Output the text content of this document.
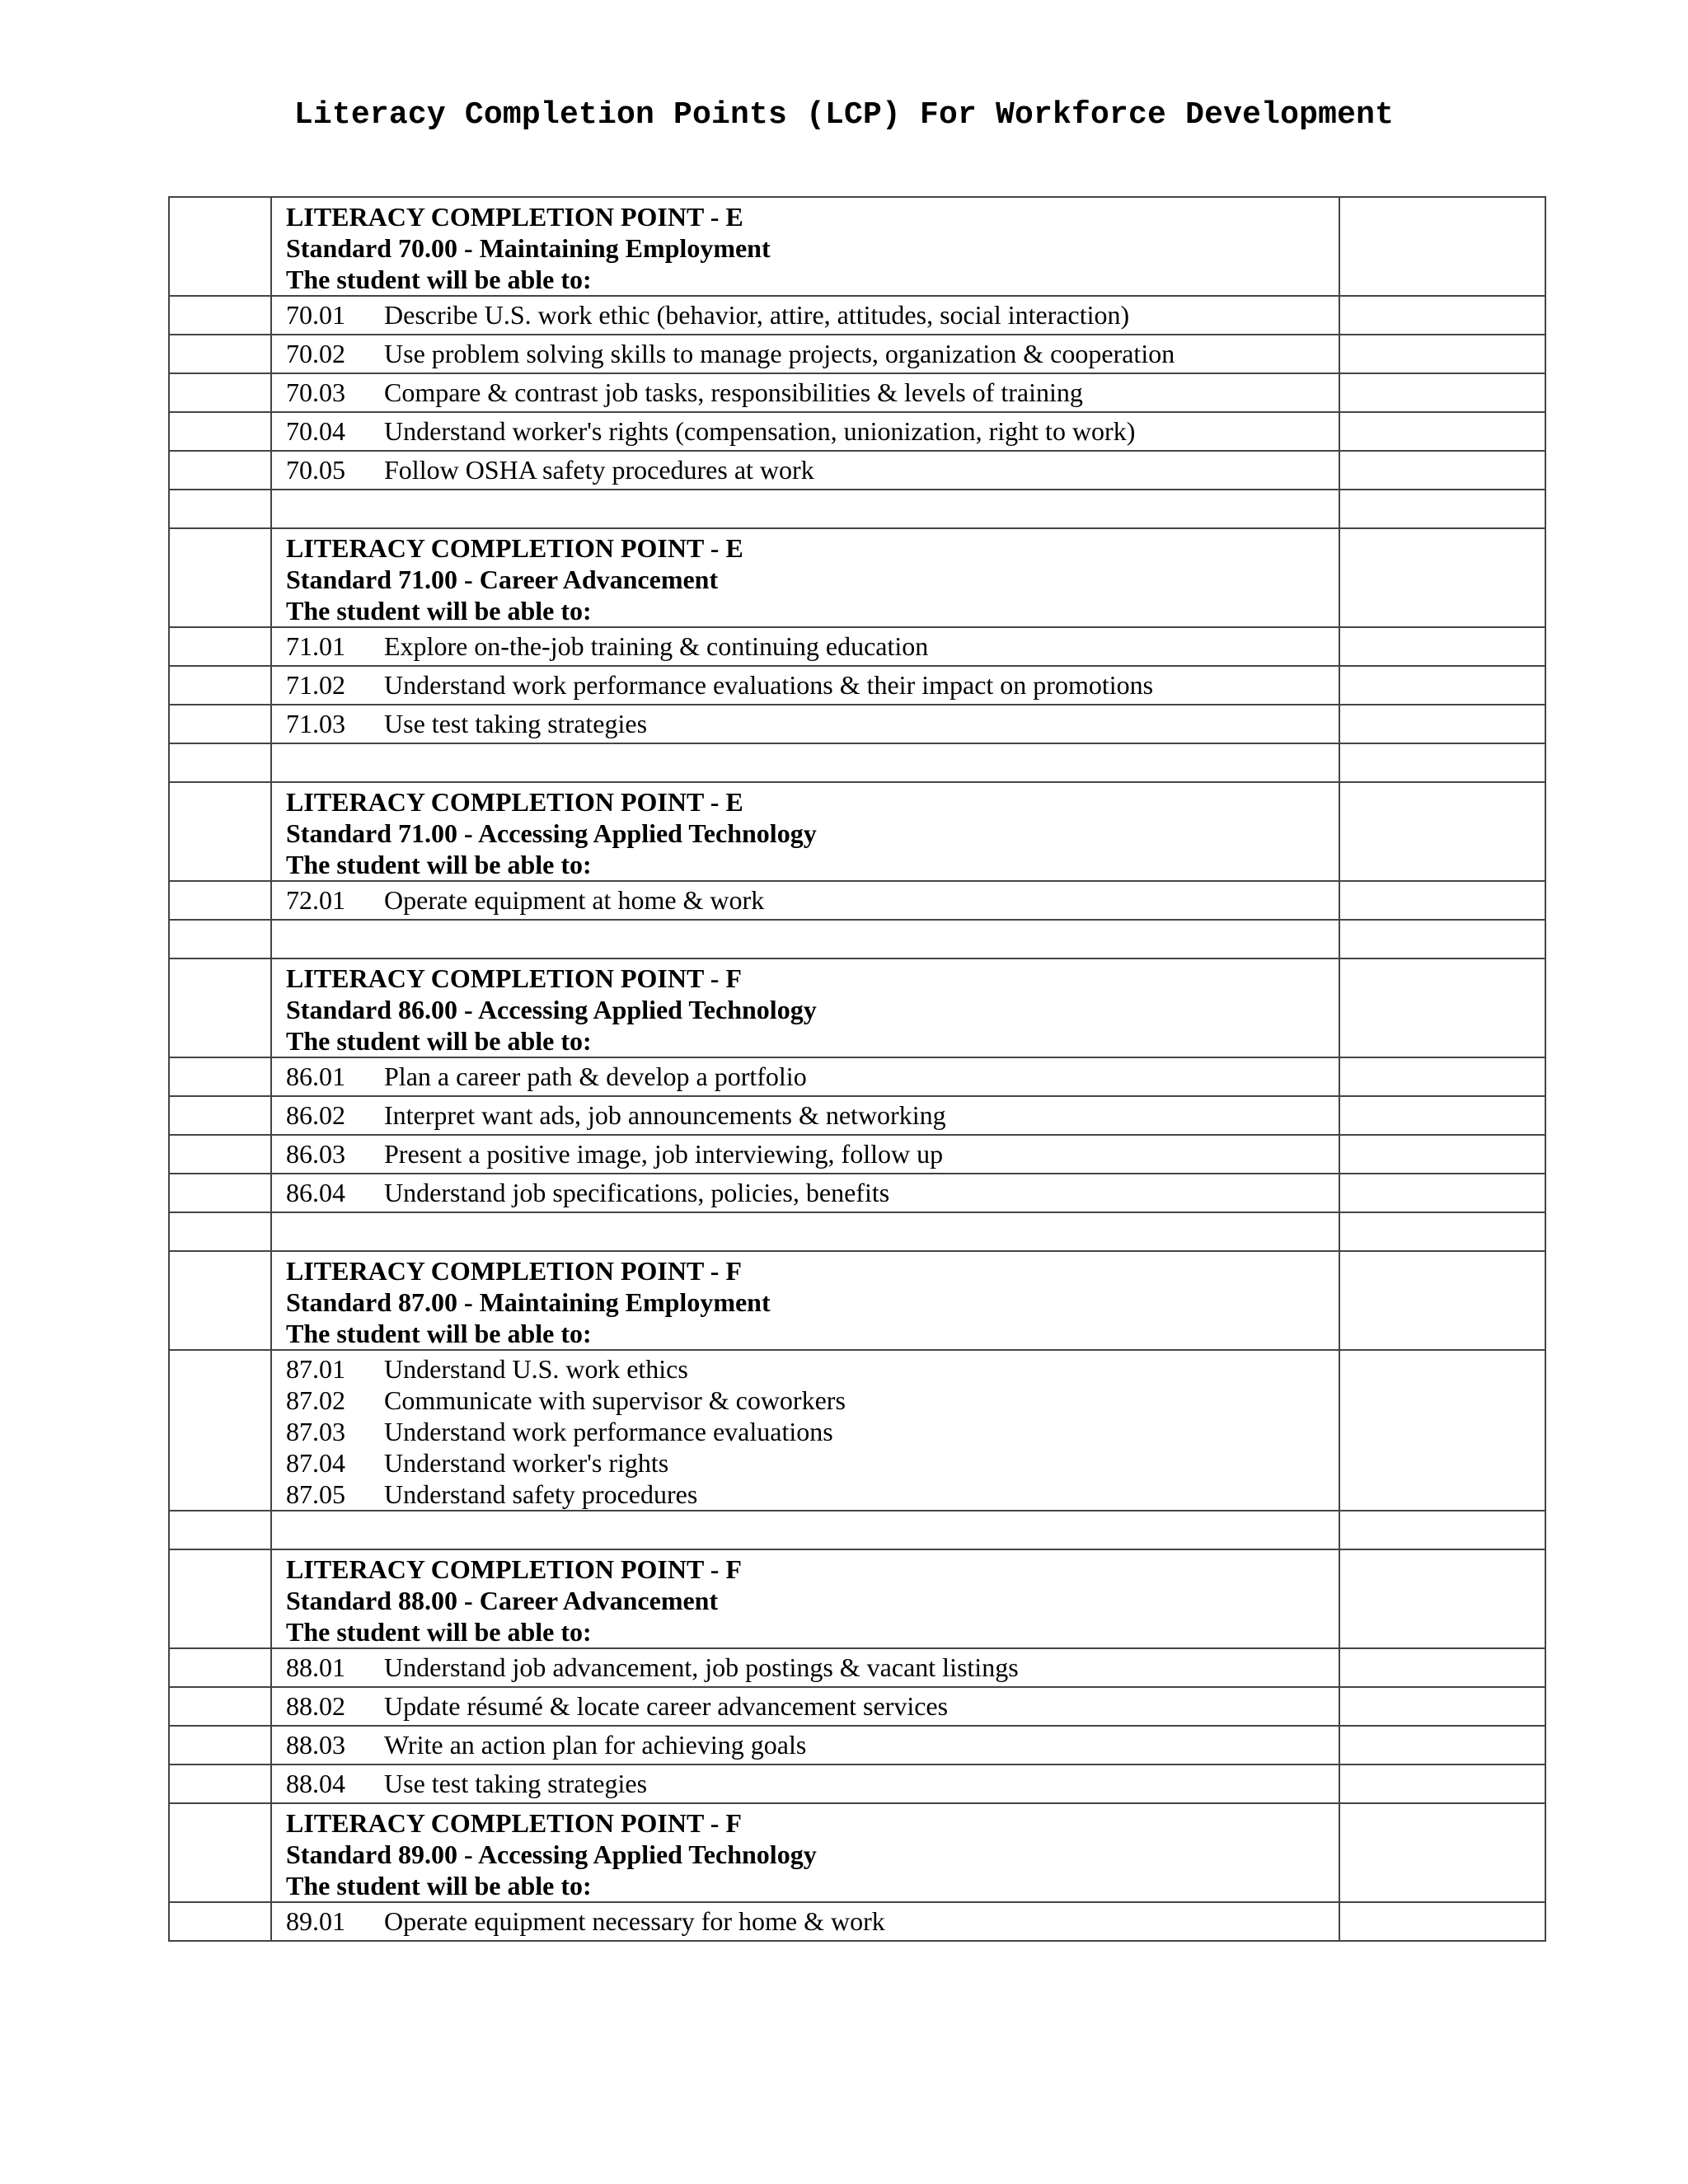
Literacy Completion Points (LCP) For Workforce Development

	LITERACY COMPLETION POINT - E
Standard 70.00 - Maintaining Employment
The student will be able to:	

	70.01 Describe U.S. work ethic (behavior, attire, attitudes, social interaction)	

	70.02 Use problem solving skills to manage projects, organization & cooperation	

	70.03 Compare & contrast job tasks, responsibilities & levels of training	

	70.04 Understand worker's rights (compensation, unionization, right to work)	

	70.05 Follow OSHA safety procedures at work	

	LITERACY COMPLETION POINT - E
Standard 71.00 - Career Advancement
The student will be able to:	

	71.01 Explore on-the-job training & continuing education	

	71.02 Understand work performance evaluations & their impact on promotions	

	71.03 Use test taking strategies	

	LITERACY COMPLETION POINT - E
Standard 71.00 - Accessing Applied Technology
The student will be able to:	

	72.01 Operate equipment at home & work	

	LITERACY COMPLETION POINT - F
Standard 86.00 - Accessing Applied Technology
The student will be able to:	

	86.01 Plan a career path & develop a portfolio	

	86.02 Interpret want ads, job announcements & networking	

	86.03 Present a positive image, job interviewing, follow up	

	86.04 Understand job specifications, policies, benefits	

	LITERACY COMPLETION POINT - F
Standard 87.00 - Maintaining Employment
The student will be able to:	

	87.01 Understand U.S. work ethics
87.02 Communicate with supervisor & coworkers
87.03 Understand work performance evaluations
87.04 Understand worker's rights
87.05 Understand safety procedures	

	LITERACY COMPLETION POINT - F
Standard 88.00 - Career Advancement
The student will be able to:	

	88.01 Understand job advancement, job postings & vacant listings	

	88.02 Update résumé & locate career advancement services	

	88.03 Write an action plan for achieving goals	

	88.04 Use test taking strategies	

	LITERACY COMPLETION POINT - F
Standard 89.00 - Accessing Applied Technology
The student will be able to:	

	89.01 Operate equipment necessary for home & work	
